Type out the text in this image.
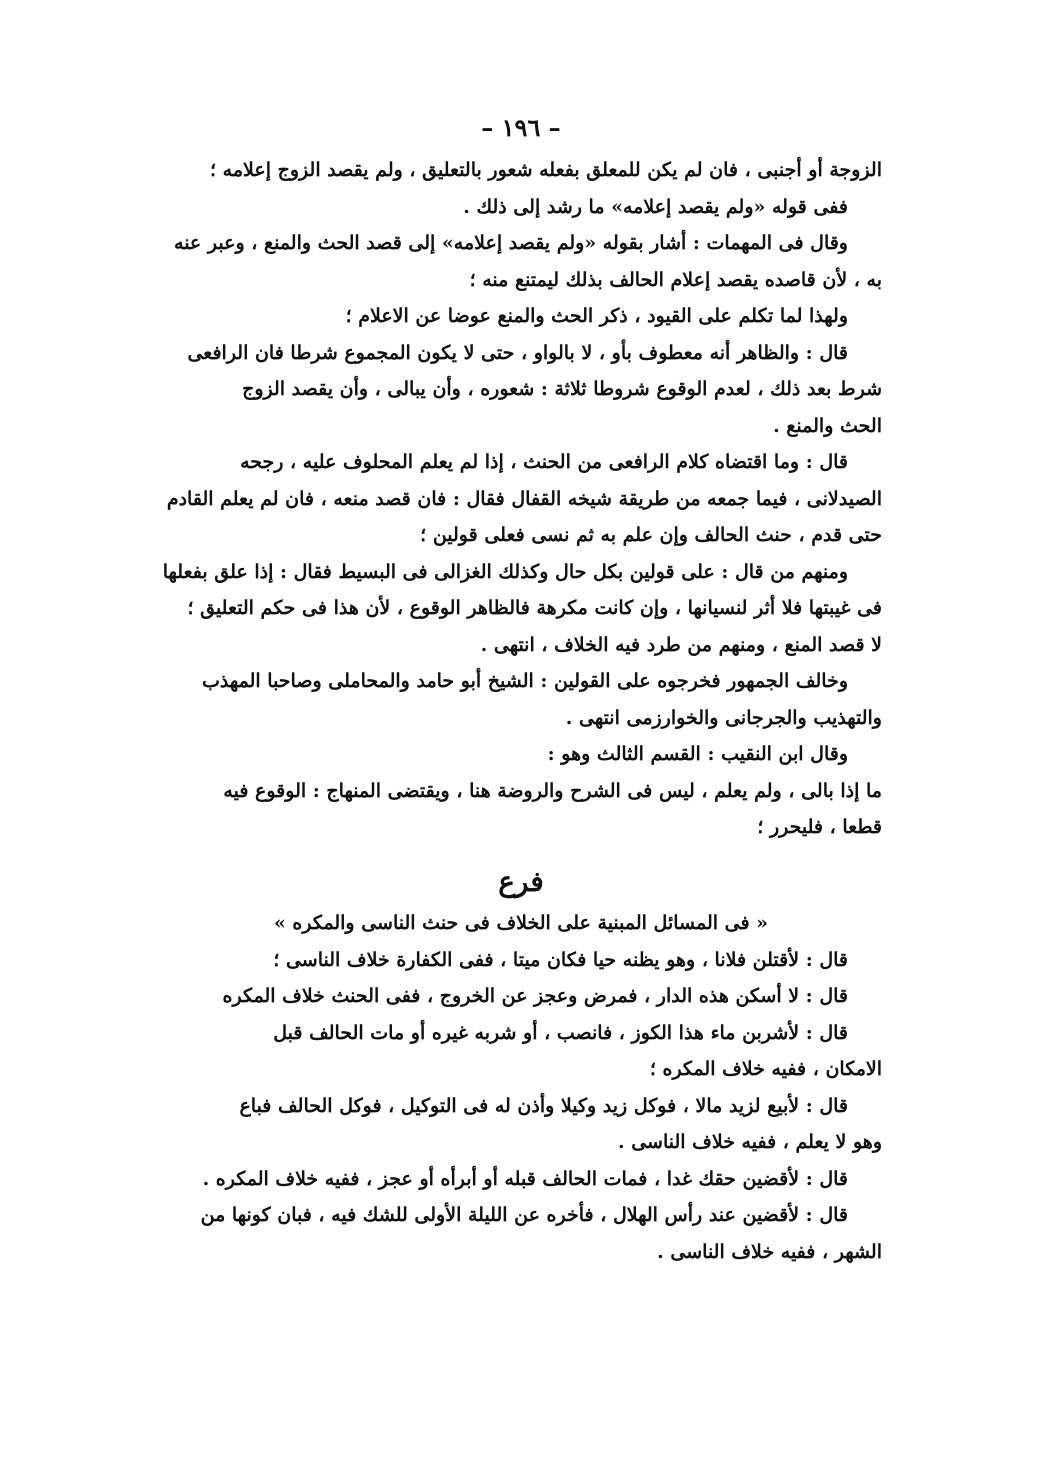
– ١٩٦ –
الزوجة أو أجنبى ، فان لم يكن للمعلق بفعله شعور بالتعليق ، ولم يقصد الزوج إعلامه ؛
ففى قوله «ولم يقصد إعلامه» ما رشد إلى ذلك .
وقال فى المهمات : أشار بقوله «ولم يقصد إعلامه» إلى قصد الحث والمنع ، وعبر عنه
به ، لأن قاصده يقصد إعلام الحالف بذلك ليمتنع منه ؛
ولهذا لما تكلم على القيود ، ذكر الحث والمنع عوضا عن الاعلام ؛
قال : والظاهر أنه معطوف بأو ، لا بالواو ، حتى لا يكون المجموع شرطا فان الرافعى
شرط بعد ذلك ، لعدم الوقوع شروطا ثلاثة : شعوره ، وأن يبالى ، وأن يقصد الزوج
الحث والمنع .
قال : وما اقتضاه كلام الرافعى من الحنث ، إذا لم يعلم المحلوف عليه ، رجحه
الصيدلانى ، فيما جمعه من طريقة شيخه القفال فقال : فان قصد منعه ، فان لم يعلم القادم
حتى قدم ، حنث الحالف وإن علم به ثم نسى فعلى قولين ؛
ومنهم من قال : على قولين بكل حال وكذلك الغزالى فى البسيط فقال : إذا علق بفعلها
فى غيبتها فلا أثر لنسيانها ، وإن كانت مكرهة فالظاهر الوقوع ، لأن هذا فى حكم التعليق ؛
لا قصد المنع ، ومنهم من طرد فيه الخلاف ، انتهى .
وخالف الجمهور فخرجوه على القولين : الشيخ أبو حامد والمحاملى وصاحبا المهذب
والتهذيب والجرجانى والخوارزمى انتهى .
وقال ابن النقيب : القسم الثالث وهو :
ما إذا بالى ، ولم يعلم ، ليس فى الشرح والروضة هنا ، ويقتضى المنهاج : الوقوع فيه
قطعا ، فليحرر ؛
فرع
« فى المسائل المبنية على الخلاف فى حنث الناسى والمكره »
قال : لأقتلن فلانا ، وهو يظنه حيا فكان ميتا ، ففى الكفارة خلاف الناسى ؛
قال : لا أسكن هذه الدار ، فمرض وعجز عن الخروج ، ففى الحنث خلاف المكره
قال : لأشربن ماء هذا الكوز ، فانصب ، أو شربه غيره أو مات الحالف قبل
الامكان ، ففيه خلاف المكره ؛
قال : لأبيع لزيد مالا ، فوكل زيد وكيلا وأذن له فى التوكيل ، فوكل الحالف فباع
وهو لا يعلم ، ففيه خلاف الناسى .
قال : لأقضين حقك غدا ، فمات الحالف قبله أو أبرأه أو عجز ، ففيه خلاف المكره .
قال : لأقضين عند رأس الهلال ، فأخره عن الليلة الأولى للشك فيه ، فبان كونها من
الشهر ، ففيه خلاف الناسى .
